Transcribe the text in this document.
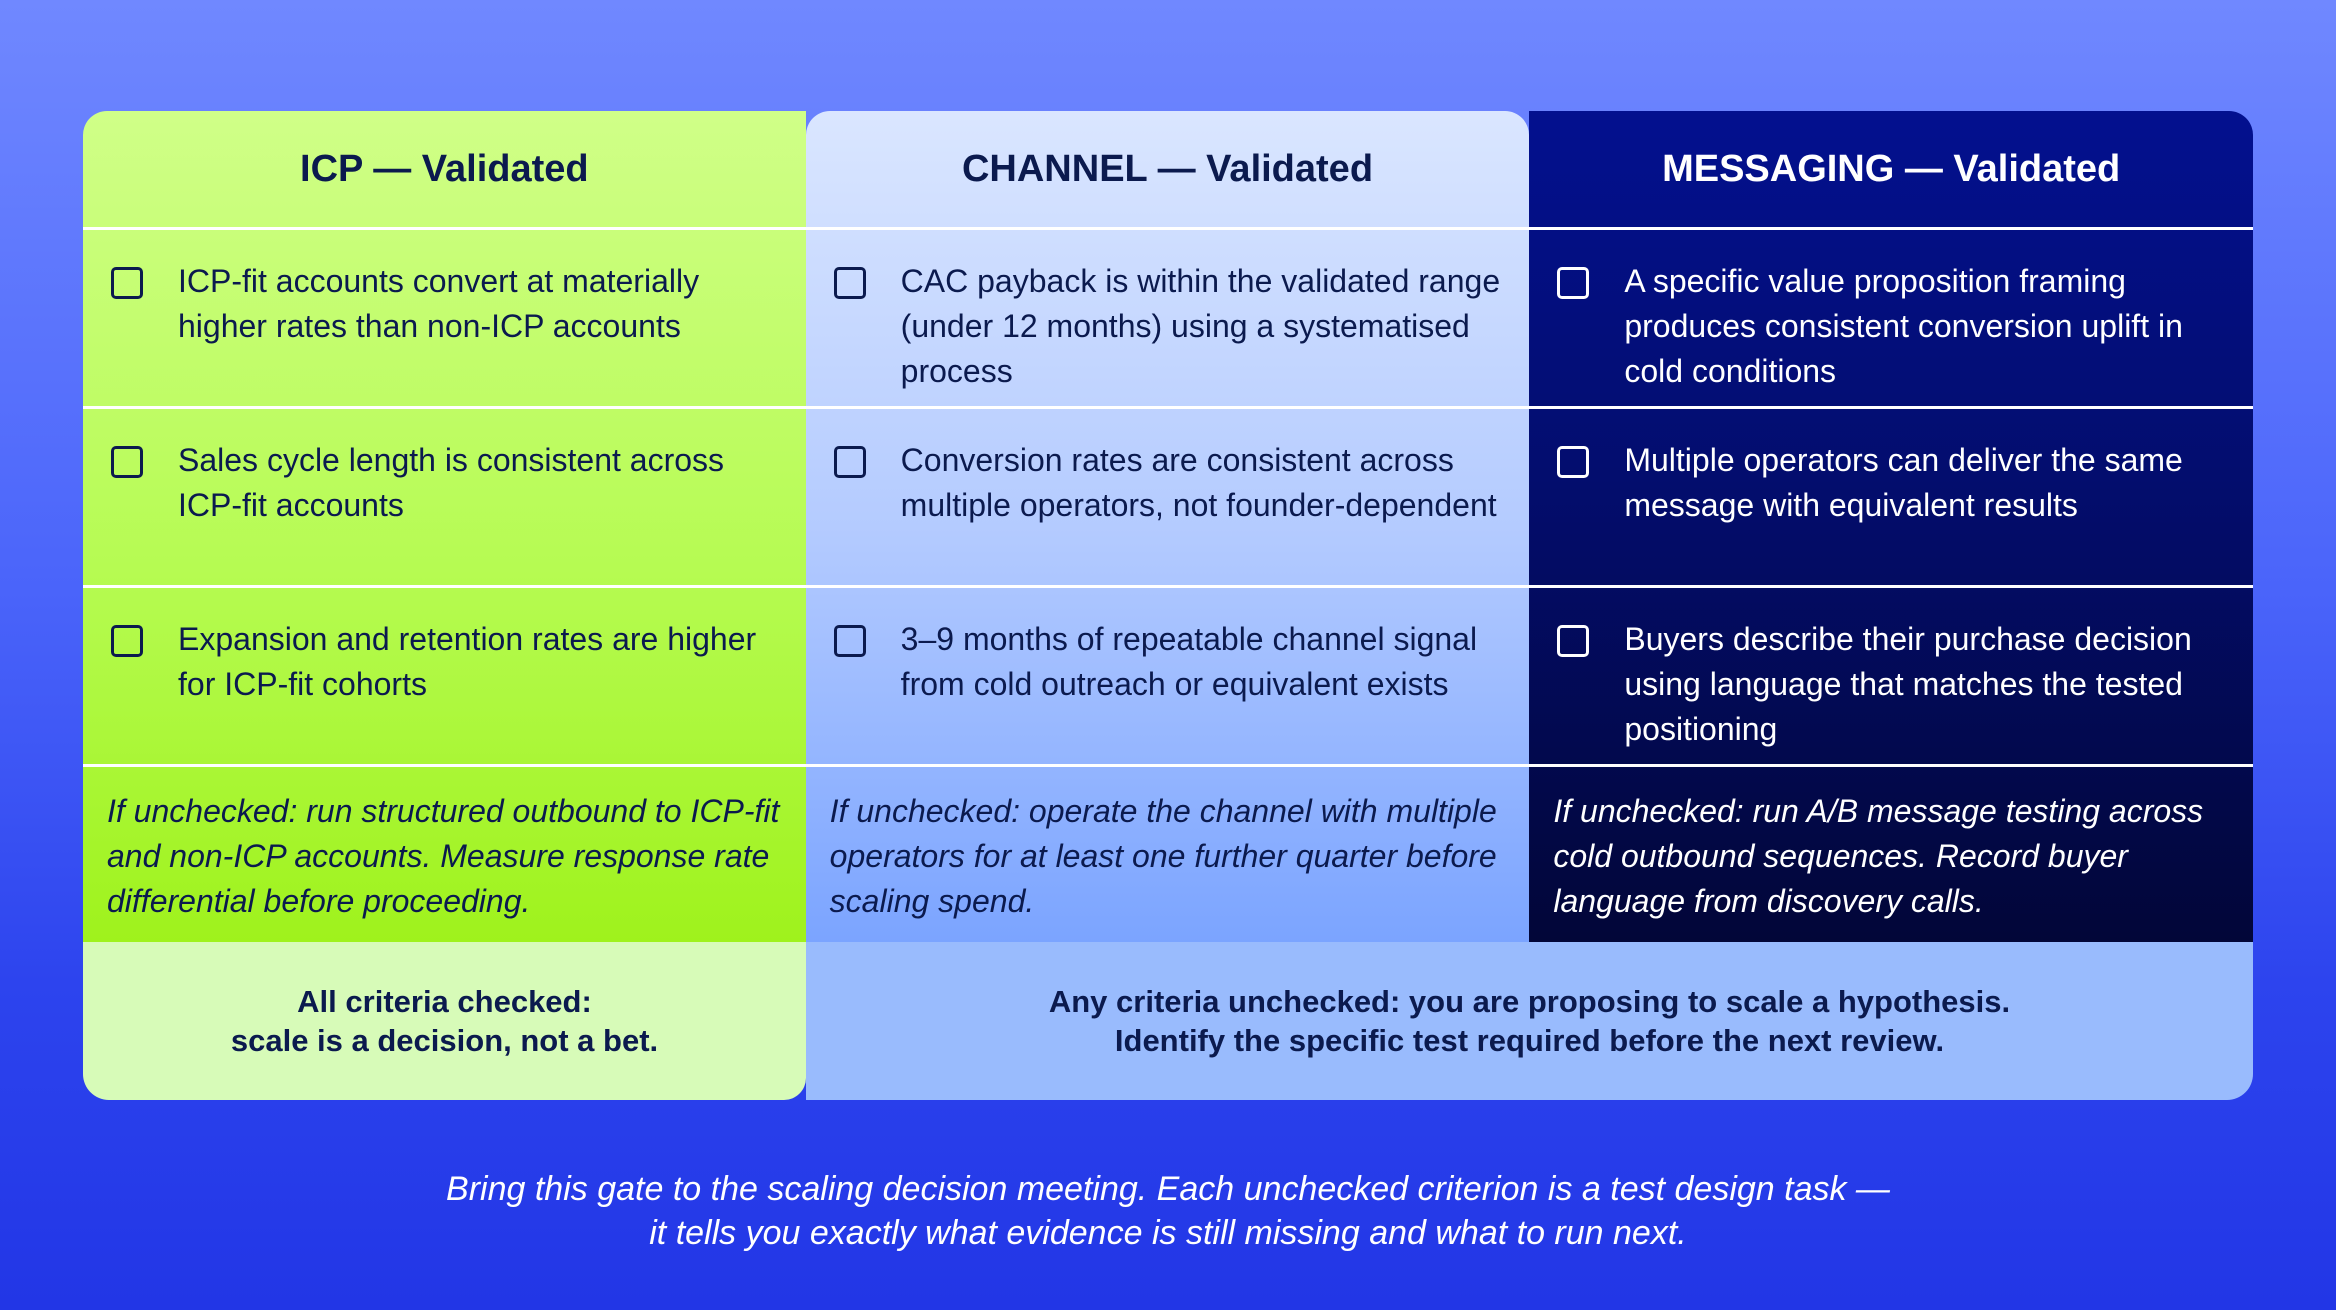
ICP — Validated
ICP-fit accounts convert at materially higher rates than non-ICP accounts
Sales cycle length is consistent across ICP-fit accounts
Expansion and retention rates are higher for ICP-fit cohorts
If unchecked: run structured outbound to ICP-fit and non-ICP accounts. Measure response rate differential before proceeding.
CHANNEL — Validated
CAC payback is within the validated range (under 12 months) using a systematised process
Conversion rates are consistent across multiple operators, not founder-dependent
3–9 months of repeatable channel signal from cold outreach or equivalent exists
If unchecked: operate the channel with multiple operators for at least one further quarter before scaling spend.
MESSAGING — Validated
A specific value proposition framing produces consistent conversion uplift in cold conditions
Multiple operators can deliver the same message with equivalent results
Buyers describe their purchase decision using language that matches the tested positioning
If unchecked: run A/B message testing across cold outbound sequences. Record buyer language from discovery calls.
All criteria checked:
scale is a decision, not a bet.
Any criteria unchecked: you are proposing to scale a hypothesis.
Identify the specific test required before the next review.
Bring this gate to the scaling decision meeting. Each unchecked criterion is a test design task —
it tells you exactly what evidence is still missing and what to run next.
